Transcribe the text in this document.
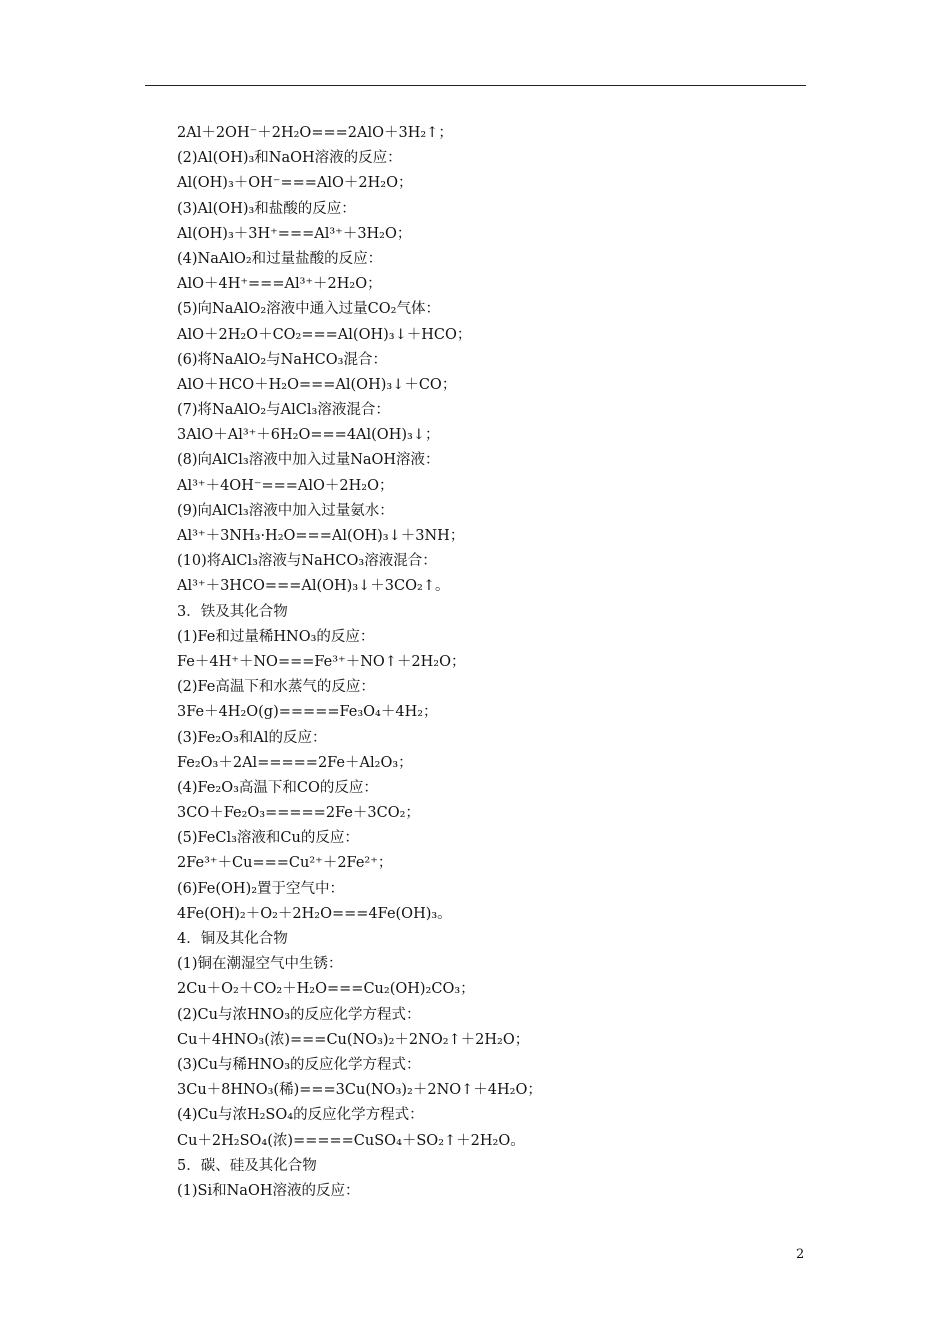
2Al＋2OH⁻＋2H₂O===2AlO＋3H₂↑；
(2)Al(OH)₃和NaOH溶液的反应：
Al(OH)₃＋OH⁻===AlO＋2H₂O；
(3)Al(OH)₃和盐酸的反应：
Al(OH)₃＋3H⁺===Al³⁺＋3H₂O；
(4)NaAlO₂和过量盐酸的反应：
AlO＋4H⁺===Al³⁺＋2H₂O；
(5)向NaAlO₂溶液中通入过量CO₂气体：
AlO＋2H₂O＋CO₂===Al(OH)₃↓＋HCO；
(6)将NaAlO₂与NaHCO₃混合：
AlO＋HCO＋H₂O===Al(OH)₃↓＋CO；
(7)将NaAlO₂与AlCl₃溶液混合：
3AlO＋Al³⁺＋6H₂O===4Al(OH)₃↓；
(8)向AlCl₃溶液中加入过量NaOH溶液：
Al³⁺＋4OH⁻===AlO＋2H₂O；
(9)向AlCl₃溶液中加入过量氨水：
Al³⁺＋3NH₃·H₂O===Al(OH)₃↓＋3NH；
(10)将AlCl₃溶液与NaHCO₃溶液混合：
Al³⁺＋3HCO===Al(OH)₃↓＋3CO₂↑。
3．铁及其化合物
(1)Fe和过量稀HNO₃的反应：
Fe＋4H⁺＋NO===Fe³⁺＋NO↑＋2H₂O；
(2)Fe高温下和水蒸气的反应：
3Fe＋4H₂O(g)=====Fe₃O₄＋4H₂；
(3)Fe₂O₃和Al的反应：
Fe₂O₃＋2Al=====2Fe＋Al₂O₃；
(4)Fe₂O₃高温下和CO的反应：
3CO＋Fe₂O₃=====2Fe＋3CO₂；
(5)FeCl₃溶液和Cu的反应：
2Fe³⁺＋Cu===Cu²⁺＋2Fe²⁺；
(6)Fe(OH)₂置于空气中：
4Fe(OH)₂＋O₂＋2H₂O===4Fe(OH)₃。
4．铜及其化合物
(1)铜在潮湿空气中生锈：
2Cu＋O₂＋CO₂＋H₂O===Cu₂(OH)₂CO₃；
(2)Cu与浓HNO₃的反应化学方程式：
Cu＋4HNO₃(浓)===Cu(NO₃)₂＋2NO₂↑＋2H₂O；
(3)Cu与稀HNO₃的反应化学方程式：
3Cu＋8HNO₃(稀)===3Cu(NO₃)₂＋2NO↑＋4H₂O；
(4)Cu与浓H₂SO₄的反应化学方程式：
Cu＋2H₂SO₄(浓)=====CuSO₄＋SO₂↑＋2H₂O。
5．碳、硅及其化合物
(1)Si和NaOH溶液的反应：
2
